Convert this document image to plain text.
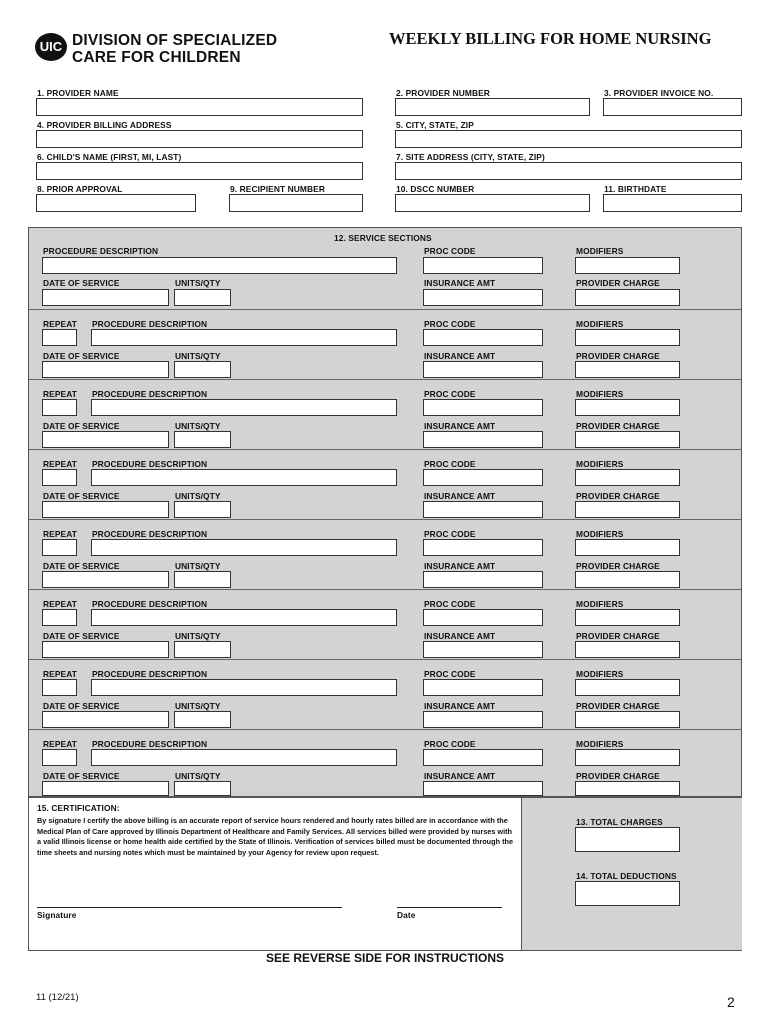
UIC DIVISION OF SPECIALIZED
CARE FOR CHILDREN
WEEKLY BILLING FOR HOME NURSING
1. PROVIDER NAME	2. PROVIDER NUMBER	3. PROVIDER INVOICE NO.
4. PROVIDER BILLING ADDRESS	5. CITY, STATE, ZIP
6. CHILD'S NAME (FIRST, MI, LAST)	7. SITE ADDRESS (CITY, STATE, ZIP)
8. PRIOR APPROVAL	9. RECIPIENT NUMBER	10. DSCC NUMBER	11. BIRTHDATE
12. SERVICE SECTIONS
PROCEDURE DESCRIPTION	PROC CODE	MODIFIERS
DATE OF SERVICE	UNITS/QTY	INSURANCE AMT	PROVIDER CHARGE
REPEAT PROCEDURE DESCRIPTION	PROC CODE	MODIFIERS
DATE OF SERVICE	UNITS/QTY	INSURANCE AMT	PROVIDER CHARGE
REPEAT PROCEDURE DESCRIPTION	PROC CODE	MODIFIERS
DATE OF SERVICE	UNITS/QTY	INSURANCE AMT	PROVIDER CHARGE
REPEAT PROCEDURE DESCRIPTION	PROC CODE	MODIFIERS
DATE OF SERVICE	UNITS/QTY	INSURANCE AMT	PROVIDER CHARGE
REPEAT PROCEDURE DESCRIPTION	PROC CODE	MODIFIERS
DATE OF SERVICE	UNITS/QTY	INSURANCE AMT	PROVIDER CHARGE
REPEAT PROCEDURE DESCRIPTION	PROC CODE	MODIFIERS
DATE OF SERVICE	UNITS/QTY	INSURANCE AMT	PROVIDER CHARGE
REPEAT PROCEDURE DESCRIPTION	PROC CODE	MODIFIERS
DATE OF SERVICE	UNITS/QTY	INSURANCE AMT	PROVIDER CHARGE
REPEAT PROCEDURE DESCRIPTION	PROC CODE	MODIFIERS
DATE OF SERVICE	UNITS/QTY	INSURANCE AMT	PROVIDER CHARGE
15. CERTIFICATION:
By signature I certify the above billing is an accurate report of service hours rendered and hourly rates billed are in accordance with the Medical Plan of Care approved by Illinois Department of Healthcare and Family Services. All services billed were provided by nurses with a valid Illinois license or home health aide certified by the State of Illinois. Verification of services billed must be documented through the time sheets and nursing notes which must be maintained by your Agency for review upon request.
Signature	Date
13. TOTAL CHARGES
14. TOTAL DEDUCTIONS
SEE REVERSE SIDE FOR INSTRUCTIONS
11 (12/21)	2
